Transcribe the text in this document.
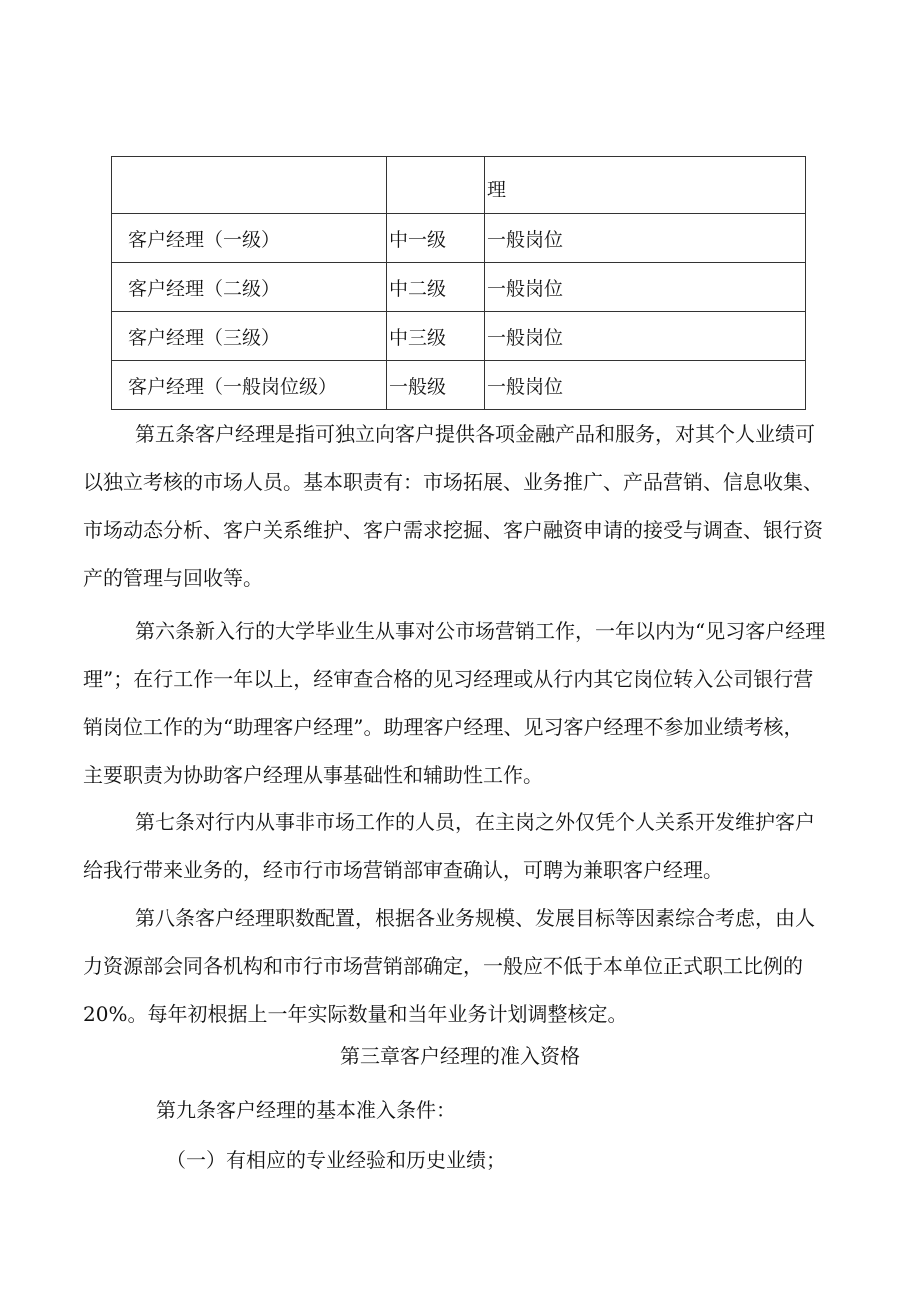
		理
客户经理（一级）	中一级	一般岗位
客户经理（二级）	中二级	一般岗位
客户经理（三级）	中三级	一般岗位
客户经理（一般岗位级）	一般级	一般岗位
第五条客户经理是指可独立向客户提供各项金融产品和服务，对其个人业绩可
以独立考核的市场人员。基本职责有：市场拓展、业务推广、产品营销、信息收集、
市场动态分析、客户关系维护、客户需求挖掘、客户融资申请的接受与调查、银行资
产的管理与回收等。
第六条新入行的大学毕业生从事对公市场营销工作，一年以内为“见习客户经理
理”；在行工作一年以上，经审查合格的见习经理或从行内其它岗位转入公司银行营
销岗位工作的为“助理客户经理”。助理客户经理、见习客户经理不参加业绩考核，
主要职责为协助客户经理从事基础性和辅助性工作。
第七条对行内从事非市场工作的人员，在主岗之外仅凭个人关系开发维护客户
给我行带来业务的，经市行市场营销部审查确认，可聘为兼职客户经理。
第八条客户经理职数配置，根据各业务规模、发展目标等因素综合考虑，由人
力资源部会同各机构和市行市场营销部确定，一般应不低于本单位正式职工比例的
20%。每年初根据上一年实际数量和当年业务计划调整核定。

第三章客户经理的准入资格

第九条客户经理的基本准入条件：

（一）有相应的专业经验和历史业绩；
